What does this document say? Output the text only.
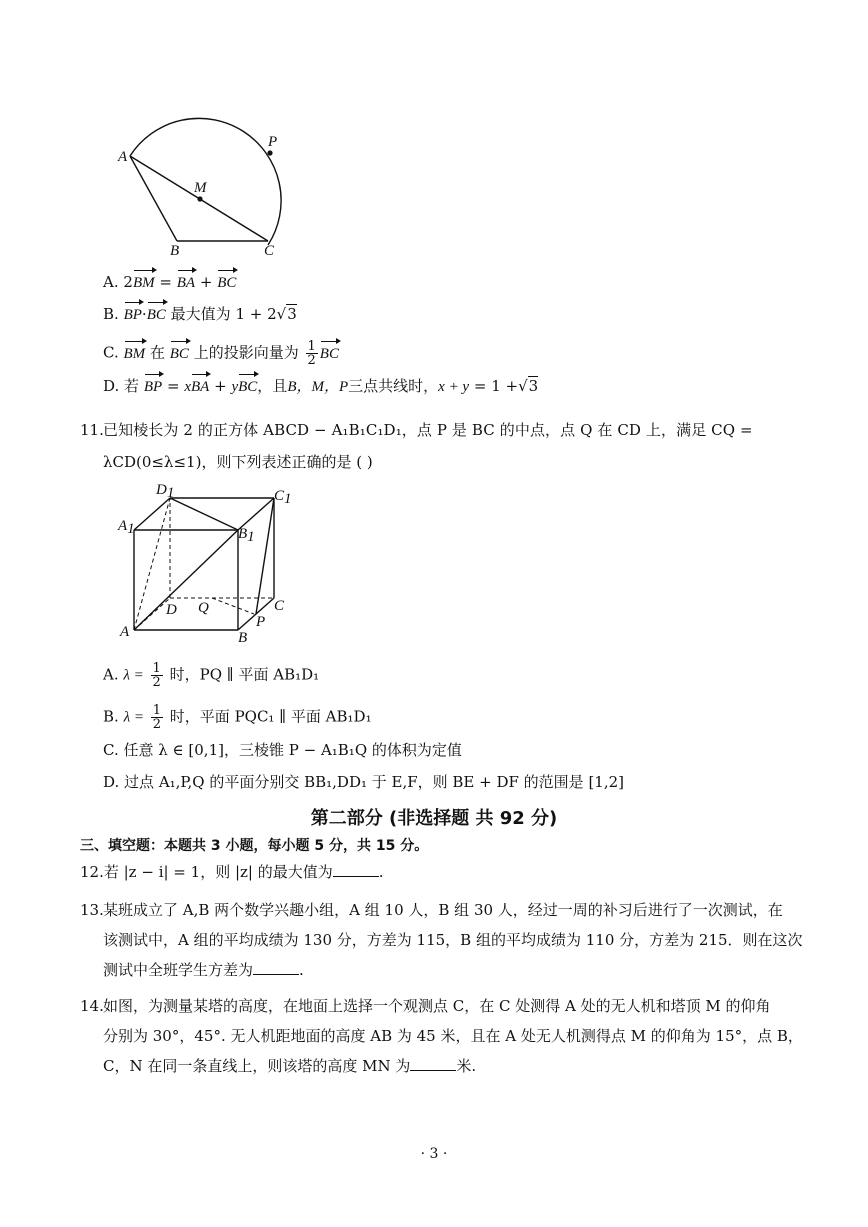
A
P
M
B	C
A. 2BM = BA + BC
B. BP·BC 最大值为 1 + 2√3
C. BM 在 BC 上的投影向量为 $\frac{1}{2}$ BC
D. 若 BP = xBA + yBC，且B，M，P三点共线时，x + y = 1 +√3
11. 已知棱长为 2 的正方体 ABCD − A₁B₁C₁D₁，点 P 是 BC 的中点，点 Q 在 CD 上，满足 CQ =
λCD(0≤λ≤1)，则下列表述正确的是 ( )
D1	C1
A1	B1
D Q	C
A	B
P
A. $\lambda = \frac{1}{2}$ 时，PQ ∥ 平面 AB₁D₁
B. $\lambda = \frac{1}{2}$ 时，平面 PQC₁ ∥ 平面 AB₁D₁
C. 任意 λ ∈ [0,1]，三棱锥 P − A₁B₁Q 的体积为定值
D. 过点 A₁,P,Q 的平面分别交 BB₁,DD₁ 于 E,F，则 BE + DF 的范围是 [1,2]
第二部分 (非选择题 共 92 分)
三、填空题：本题共 3 小题，每小题 5 分，共 15 分。
12.若 |z − i| = 1，则 |z| 的最大值为	.
13. 某班成立了 A,B 两个数学兴趣小组，A 组 10 人，B 组 30 人，经过一周的补习后进行了一次测试，在
该测试中，A 组的平均成绩为 130 分，方差为 115，B 组的平均成绩为 110 分，方差为 215．则在这次
测试中全班学生方差为	.
14. 如图，为测量某塔的高度，在地面上选择一个观测点 C，在 C 处测得 A 处的无人机和塔顶 M 的仰角
分别为 30°，45°. 无人机距地面的高度 AB 为 45 米，且在 A 处无人机测得点 M 的仰角为 15°，点 B，
C，N 在同一条直线上，则该塔的高度 MN 为	米.
· 3 ·
